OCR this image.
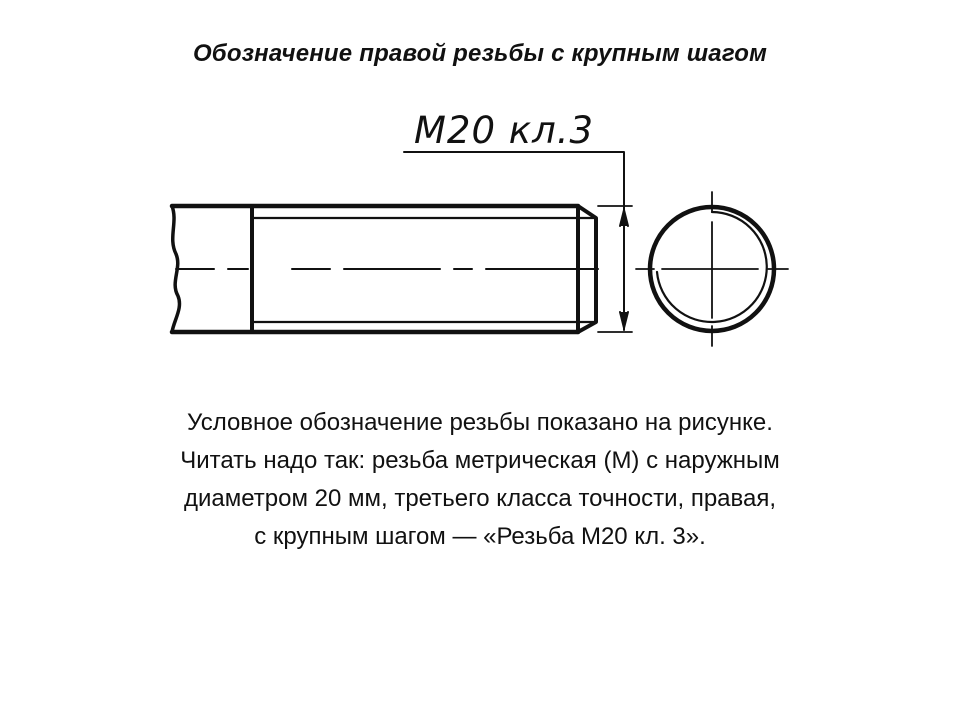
Обозначение правой резьбы с крупным шагом
M20 кл.3

Условное обозначение резьбы показано на рисунке.
Читать надо так: резьба метрическая (М) с наружным
диаметром 20 мм, третьего класса точности, правая,
с крупным шагом — «Резьба М20 кл. 3».
